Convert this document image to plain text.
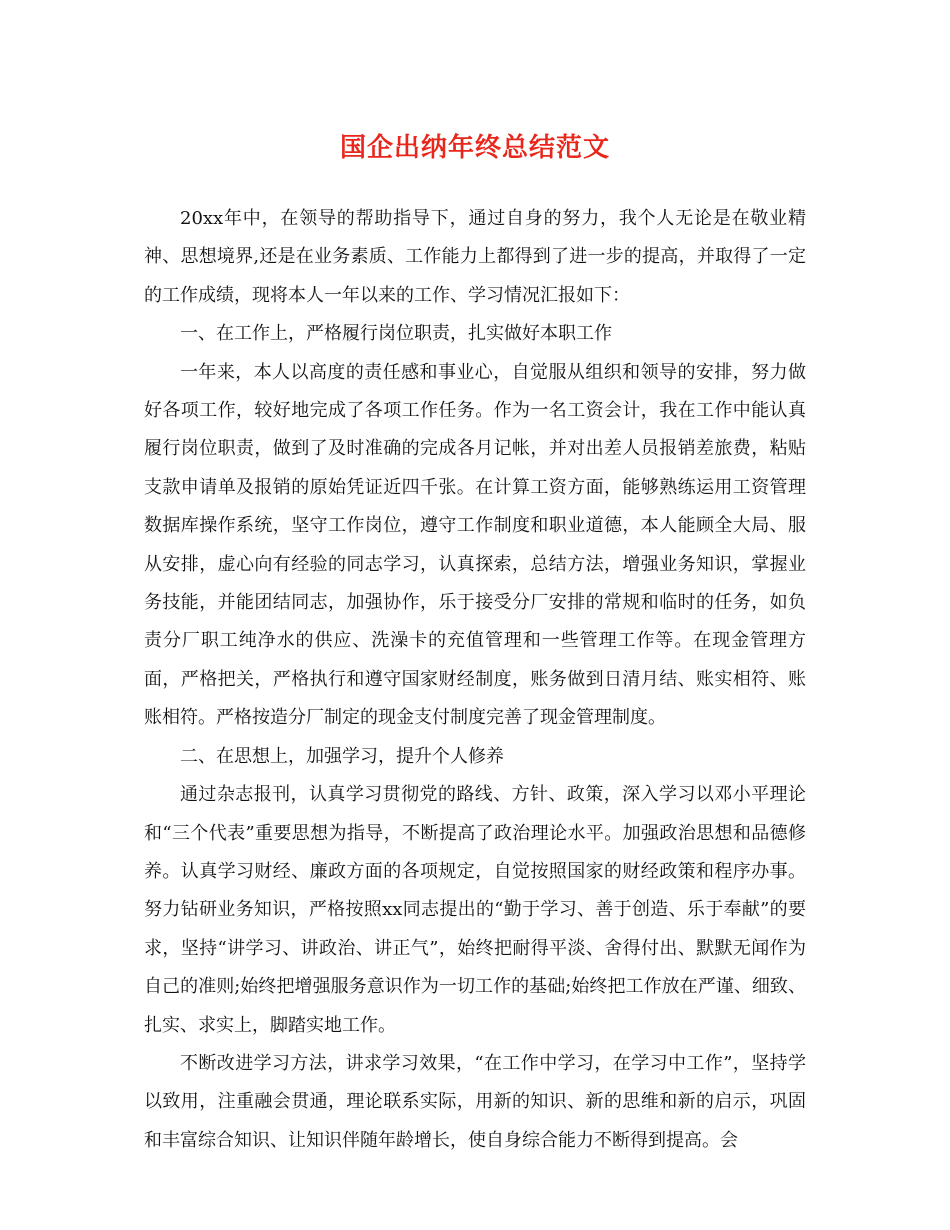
国企出纳年终总结范文

20xx年中，在领导的帮助指导下，通过自身的努力，我个人无论是在敬业精神、思想境界,还是在业务素质、工作能力上都得到了进一步的提高，并取得了一定的工作成绩，现将本人一年以来的工作、学习情况汇报如下：

一、在工作上，严格履行岗位职责，扎实做好本职工作

一年来，本人以高度的责任感和事业心，自觉服从组织和领导的安排，努力做好各项工作，较好地完成了各项工作任务。作为一名工资会计，我在工作中能认真履行岗位职责，做到了及时准确的完成各月记帐，并对出差人员报销差旅费，粘贴支款申请单及报销的原始凭证近四千张。在计算工资方面，能够熟练运用工资管理数据库操作系统，坚守工作岗位，遵守工作制度和职业道德，本人能顾全大局、服从安排，虚心向有经验的同志学习，认真探索，总结方法，增强业务知识，掌握业务技能，并能团结同志，加强协作，乐于接受分厂安排的常规和临时的任务，如负责分厂职工纯净水的供应、洗澡卡的充值管理和一些管理工作等。在现金管理方面，严格把关，严格执行和遵守国家财经制度，账务做到日清月结、账实相符、账账相符。严格按造分厂制定的现金支付制度完善了现金管理制度。

二、在思想上，加强学习，提升个人修养

通过杂志报刊，认真学习贯彻党的路线、方针、政策，深入学习以邓小平理论和“三个代表”重要思想为指导，不断提高了政治理论水平。加强政治思想和品德修养。认真学习财经、廉政方面的各项规定，自觉按照国家的财经政策和程序办事。努力钻研业务知识，严格按照xx同志提出的“勤于学习、善于创造、乐于奉献”的要求，坚持“讲学习、讲政治、讲正气”，始终把耐得平淡、舍得付出、默默无闻作为自己的准则;始终把增强服务意识作为一切工作的基础;始终把工作放在严谨、细致、扎实、求实上，脚踏实地工作。

不断改进学习方法，讲求学习效果，“在工作中学习，在学习中工作”，坚持学以致用，注重融会贯通，理论联系实际，用新的知识、新的思维和新的启示，巩固和丰富综合知识、让知识伴随年龄增长，使自身综合能力不断得到提高。会
